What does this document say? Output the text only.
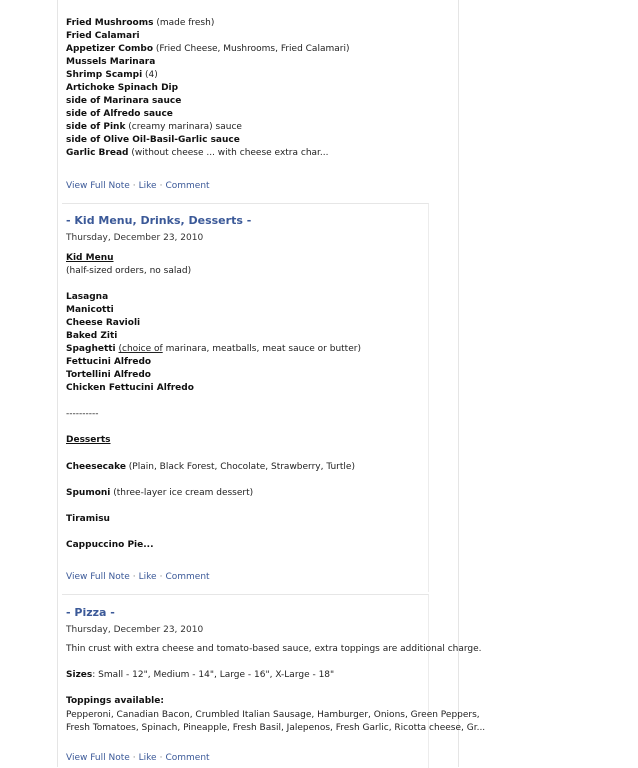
Fried Mushrooms (made fresh)
Fried Calamari
Appetizer Combo (Fried Cheese, Mushrooms, Fried Calamari)
Mussels Marinara
Shrimp Scampi (4)
Artichoke Spinach Dip
side of Marinara sauce
side of Alfredo sauce
side of Pink (creamy marinara) sauce
side of Olive Oil-Basil-Garlic sauce
Garlic Bread (without cheese ... with cheese extra char...
View Full Note · Like · Comment
- Kid Menu, Drinks, Desserts -
Thursday, December 23, 2010
Kid Menu
(half-sized orders, no salad)
Lasagna
Manicotti
Cheese Ravioli
Baked Ziti
Spaghetti (choice of marinara, meatballs, meat sauce or butter)
Fettucini Alfredo
Tortellini Alfredo
Chicken Fettucini Alfredo
----------
Desserts
Cheesecake (Plain, Black Forest, Chocolate, Strawberry, Turtle)
Spumoni (three-layer ice cream dessert)
Tiramisu
Cappuccino Pie...
View Full Note · Like · Comment
- Pizza -
Thursday, December 23, 2010
Thin crust with extra cheese and tomato-based sauce, extra toppings are additional charge.
Sizes: Small - 12", Medium - 14", Large - 16", X-Large - 18"
Toppings available:
Pepperoni, Canadian Bacon, Crumbled Italian Sausage, Hamburger, Onions, Green Peppers,
Fresh Tomatoes, Spinach, Pineapple, Fresh Basil, Jalepenos, Fresh Garlic, Ricotta cheese, Gr...
View Full Note · Like · Comment
